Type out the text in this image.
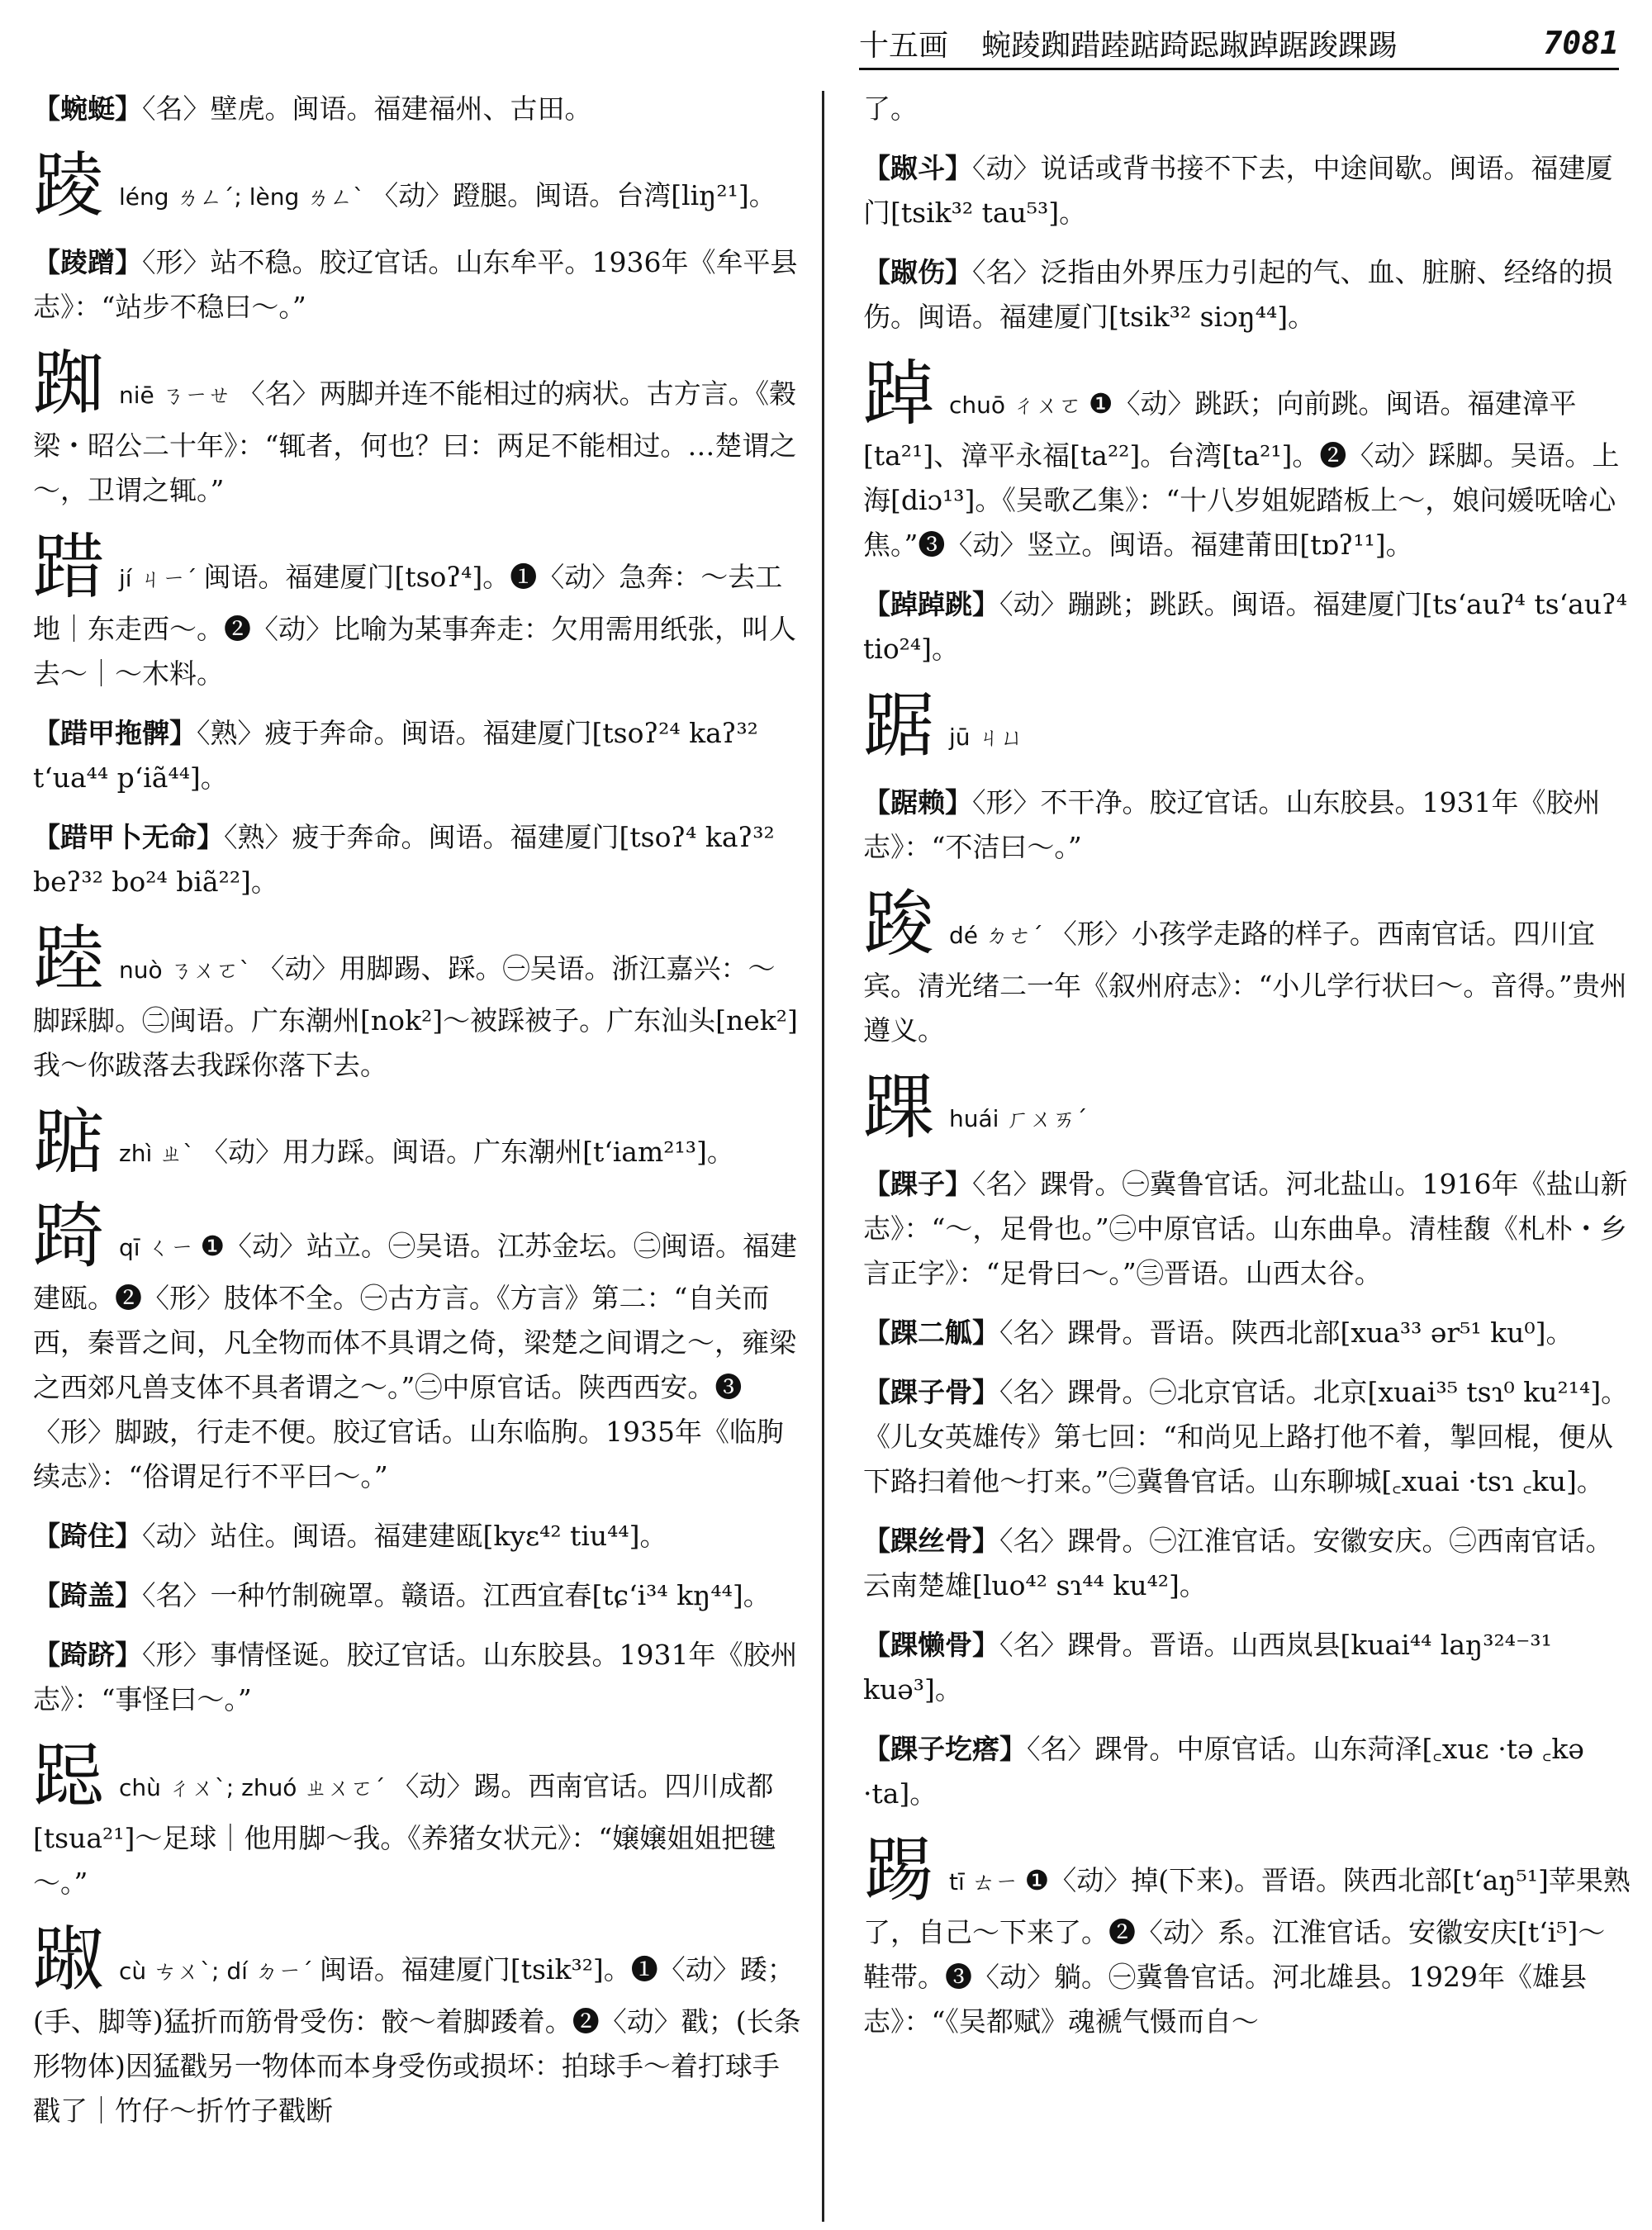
十五画 蜿踜踟踖踛踮踦跽踧踔踞踆踝踢	7081
【蜿蜓】〈名〉壁虎。闽语。福建福州、古田。
踜léng ㄌㄥˊ; lèng ㄌㄥˋ 〈动〉蹬腿。闽语。台湾[liŋ²¹]。
【踜蹭】〈形〉站不稳。胶辽官话。山东牟平。1936年《牟平县志》：“站步不稳曰～。”
踟niē ㄋㄧㄝ 〈名〉两脚并连不能相过的病状。古方言。《穀梁・昭公二十年》：“辄者，何也？曰：两足不能相过。…楚谓之～，卫谓之辄。”
踖jí ㄐㄧˊ 闽语。福建厦门[tsoʔ⁴]。❶〈动〉急奔：～去工地｜东走西～。❷〈动〉比喻为某事奔走：欠用需用纸张，叫人去～｜～木料。
【踖甲拖髀】〈熟〉疲于奔命。闽语。福建厦门[tsoʔ²⁴ kaʔ³² t‘ua⁴⁴ p‘iã⁴⁴]。
【踖甲卜无命】〈熟〉疲于奔命。闽语。福建厦门[tsoʔ⁴ kaʔ³² beʔ³² bo²⁴ biã²²]。
踛nuò ㄋㄨㄛˋ 〈动〉用脚踢、踩。㊀吴语。浙江嘉兴：～脚踩脚。㊁闽语。广东潮州[nok²]～被踩被子。广东汕头[nek²]我～你跋落去我踩你落下去。
踮zhì ㄓˋ 〈动〉用力踩。闽语。广东潮州[t‘iam²¹³]。
踦qī ㄑㄧ ❶〈动〉站立。㊀吴语。江苏金坛。㊁闽语。福建建瓯。❷〈形〉肢体不全。㊀古方言。《方言》第二：“自关而西，秦晋之间，凡全物而体不具谓之倚，梁楚之间谓之～，雍梁之西郊凡兽支体不具者谓之～。”㊁中原官话。陕西西安。❸〈形〉脚跛，行走不便。胶辽官话。山东临朐。1935年《临朐续志》：“俗谓足行不平曰～。”
【踦住】〈动〉站住。闽语。福建建瓯[kyɛ⁴² tiu⁴⁴]。
【踦盖】〈名〉一种竹制碗罩。赣语。江西宜春[tɕ‘i³⁴ kŋ⁴⁴]。
【踦跻】〈形〉事情怪诞。胶辽官话。山东胶县。1931年《胶州志》：“事怪曰～。”
跽chù ㄔㄨˋ; zhuó ㄓㄨㄛˊ 〈动〉踢。西南官话。四川成都[tsua²¹]～足球｜他用脚～我。《养猪女状元》：“嬢嬢姐姐把毽～。”
踧cù ㄘㄨˋ; dí ㄉㄧˊ 闽语。福建厦门[tsik³²]。❶〈动〉踒；(手、脚等)猛折而筋骨受伤：骹～着脚踒着。❷〈动〉戳；(长条形物体)因猛戳另一物体而本身受伤或损坏：拍球手～着打球手戳了｜竹仔～折竹子戳断
了。
【踧斗】〈动〉说话或背书接不下去，中途间歇。闽语。福建厦门[tsik³² tau⁵³]。
【踧伤】〈名〉泛指由外界压力引起的气、血、脏腑、经络的损伤。闽语。福建厦门[tsik³² siɔŋ⁴⁴]。
踔chuō ㄔㄨㄛ ❶〈动〉跳跃；向前跳。闽语。福建漳平[ta²¹]、漳平永福[ta²²]。台湾[ta²¹]。❷〈动〉踩脚。吴语。上海[diɔ¹³]。《吴歌乙集》：“十八岁姐妮踏板上～，娘问媛呒啥心焦。”❸〈动〉竖立。闽语。福建莆田[tɒʔ¹¹]。
【踔踔跳】〈动〉蹦跳；跳跃。闽语。福建厦门[ts‘auʔ⁴ ts‘auʔ⁴ tio²⁴]。
踞jū ㄐㄩ
【踞赖】〈形〉不干净。胶辽官话。山东胶县。1931年《胶州志》：“不洁曰～。”
踆dé ㄉㄜˊ 〈形〉小孩学走路的样子。西南官话。四川宜宾。清光绪二一年《叙州府志》：“小儿学行状曰～。音得。”贵州遵义。
踝huái ㄏㄨㄞˊ
【踝子】〈名〉踝骨。㊀冀鲁官话。河北盐山。1916年《盐山新志》：“～，足骨也。”㊁中原官话。山东曲阜。清桂馥《札朴・乡言正字》：“足骨曰～。”㊂晋语。山西太谷。
【踝二觚】〈名〉踝骨。晋语。陕西北部[xua³³ ər⁵¹ ku⁰]。
【踝子骨】〈名〉踝骨。㊀北京官话。北京[xuai³⁵ tsɿ⁰ ku²¹⁴]。《儿女英雄传》第七回：“和尚见上路打他不着，掣回棍，便从下路扫着他～打来。”㊁冀鲁官话。山东聊城[꜀xuai ·tsɿ ꜀ku]。
【踝丝骨】〈名〉踝骨。㊀江淮官话。安徽安庆。㊁西南官话。云南楚雄[luo⁴² sɿ⁴⁴ ku⁴²]。
【踝懒骨】〈名〉踝骨。晋语。山西岚县[kuai⁴⁴ laŋ³²⁴⁻³¹ kuə³]。
【踝子圪瘩】〈名〉踝骨。中原官话。山东菏泽[꜀xuɛ ·tə ꜀kə ·ta]。
踢tī ㄊㄧ ❶〈动〉掉(下来)。晋语。陕西北部[t‘aŋ⁵¹]苹果熟了，自己～下来了。❷〈动〉系。江淮官话。安徽安庆[t‘i⁵]～鞋带。❸〈动〉躺。㊀冀鲁官话。河北雄县。1929年《雄县志》：“《吴都赋》魂褫气慑而自～
